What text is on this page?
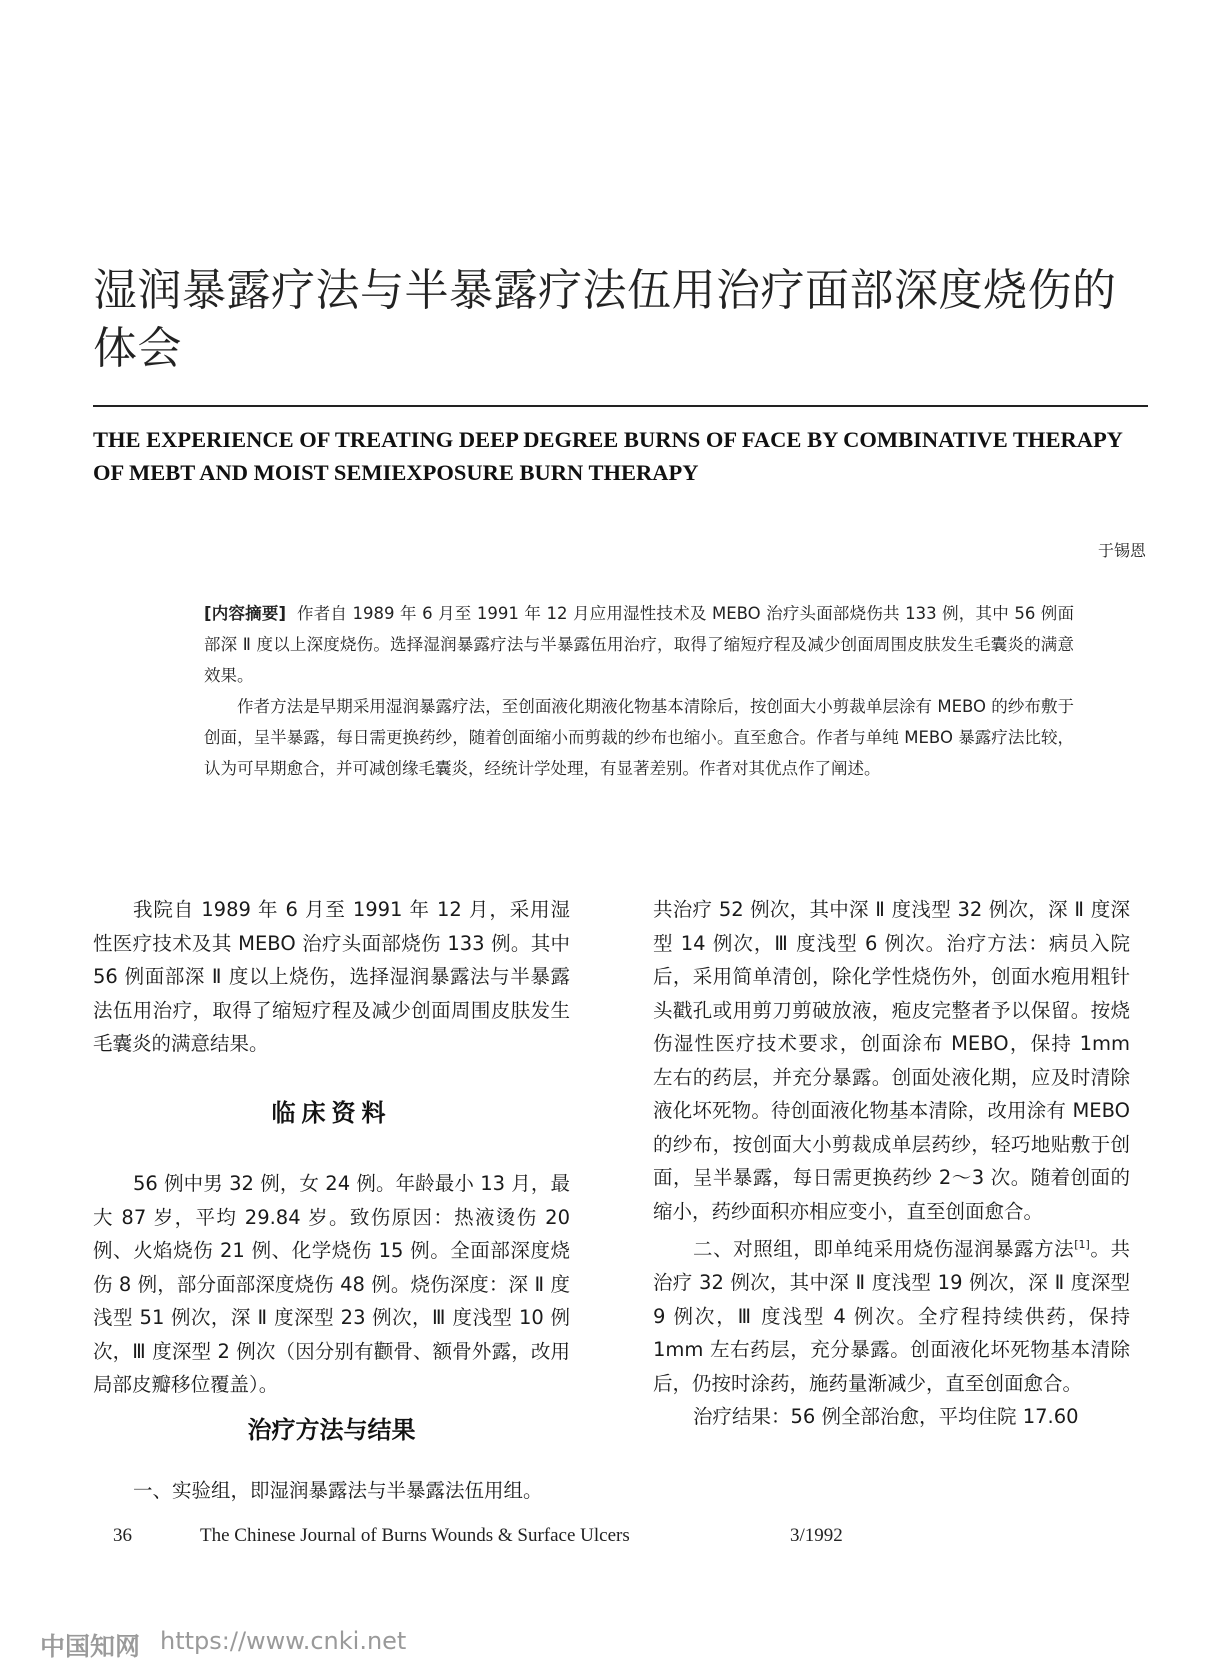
湿润暴露疗法与半暴露疗法伍用治疗面部深度烧伤的体会
THE EXPERIENCE OF TREATING DEEP DEGREE BURNS OF FACE BY COMBINATIVE THERAPY OF MEBT AND MOIST SEMIEXPOSURE BURN THERAPY
于锡恩

[内容摘要] 作者自 1989 年 6 月至 1991 年 12 月应用湿性技术及 MEBO 治疗头面部烧伤共 133 例，其中 56 例面部深 Ⅱ 度以上深度烧伤。选择湿润暴露疗法与半暴露伍用治疗，取得了缩短疗程及减少创面周围皮肤发生毛囊炎的满意效果。

作者方法是早期采用湿润暴露疗法，至创面液化期液化物基本清除后，按创面大小剪裁单层涂有 MEBO 的纱布敷于创面，呈半暴露，每日需更换药纱，随着创面缩小而剪裁的纱布也缩小。直至愈合。作者与单纯 MEBO 暴露疗法比较，认为可早期愈合，并可减创缘毛囊炎，经统计学处理，有显著差别。作者对其优点作了阐述。

我院自 1989 年 6 月至 1991 年 12 月，采用湿性医疗技术及其 MEBO 治疗头面部烧伤 133 例。其中 56 例面部深 Ⅱ 度以上烧伤，选择湿润暴露法与半暴露法伍用治疗，取得了缩短疗程及减少创面周围皮肤发生毛囊炎的满意结果。

临床资料

56 例中男 32 例，女 24 例。年龄最小 13 月，最大 87 岁，平均 29.84 岁。致伤原因：热液烫伤 20 例、火焰烧伤 21 例、化学烧伤 15 例。全面部深度烧伤 8 例，部分面部深度烧伤 48 例。烧伤深度：深 Ⅱ 度浅型 51 例次，深 Ⅱ 度深型 23 例次，Ⅲ 度浅型 10 例次，Ⅲ 度深型 2 例次（因分别有颧骨、额骨外露，改用局部皮瓣移位覆盖）。

治疗方法与结果

一、实验组，即湿润暴露法与半暴露法伍用组。

共治疗 52 例次，其中深 Ⅱ 度浅型 32 例次，深 Ⅱ 度深型 14 例次，Ⅲ 度浅型 6 例次。治疗方法：病员入院后，采用简单清创，除化学性烧伤外，创面水疱用粗针头戳孔或用剪刀剪破放液，疱皮完整者予以保留。按烧伤湿性医疗技术要求，创面涂布 MEBO，保持 1mm 左右的药层，并充分暴露。创面处液化期，应及时清除液化坏死物。待创面液化物基本清除，改用涂有 MEBO 的纱布，按创面大小剪裁成单层药纱，轻巧地贴敷于创面，呈半暴露，每日需更换药纱 2～3 次。随着创面的缩小，药纱面积亦相应变小，直至创面愈合。

二、对照组，即单纯采用烧伤湿润暴露方法[1]。共治疗 32 例次，其中深 Ⅱ 度浅型 19 例次，深 Ⅱ 度深型 9 例次，Ⅲ 度浅型 4 例次。全疗程持续供药，保持 1mm 左右药层，充分暴露。创面液化坏死物基本清除后，仍按时涂药，施药量渐减少，直至创面愈合。

治疗结果：56 例全部治愈，平均住院 17.60

36	The Chinese Journal of Burns Wounds & Surface Ulcers	3/1992
中国知网 https://www.cnki.net
